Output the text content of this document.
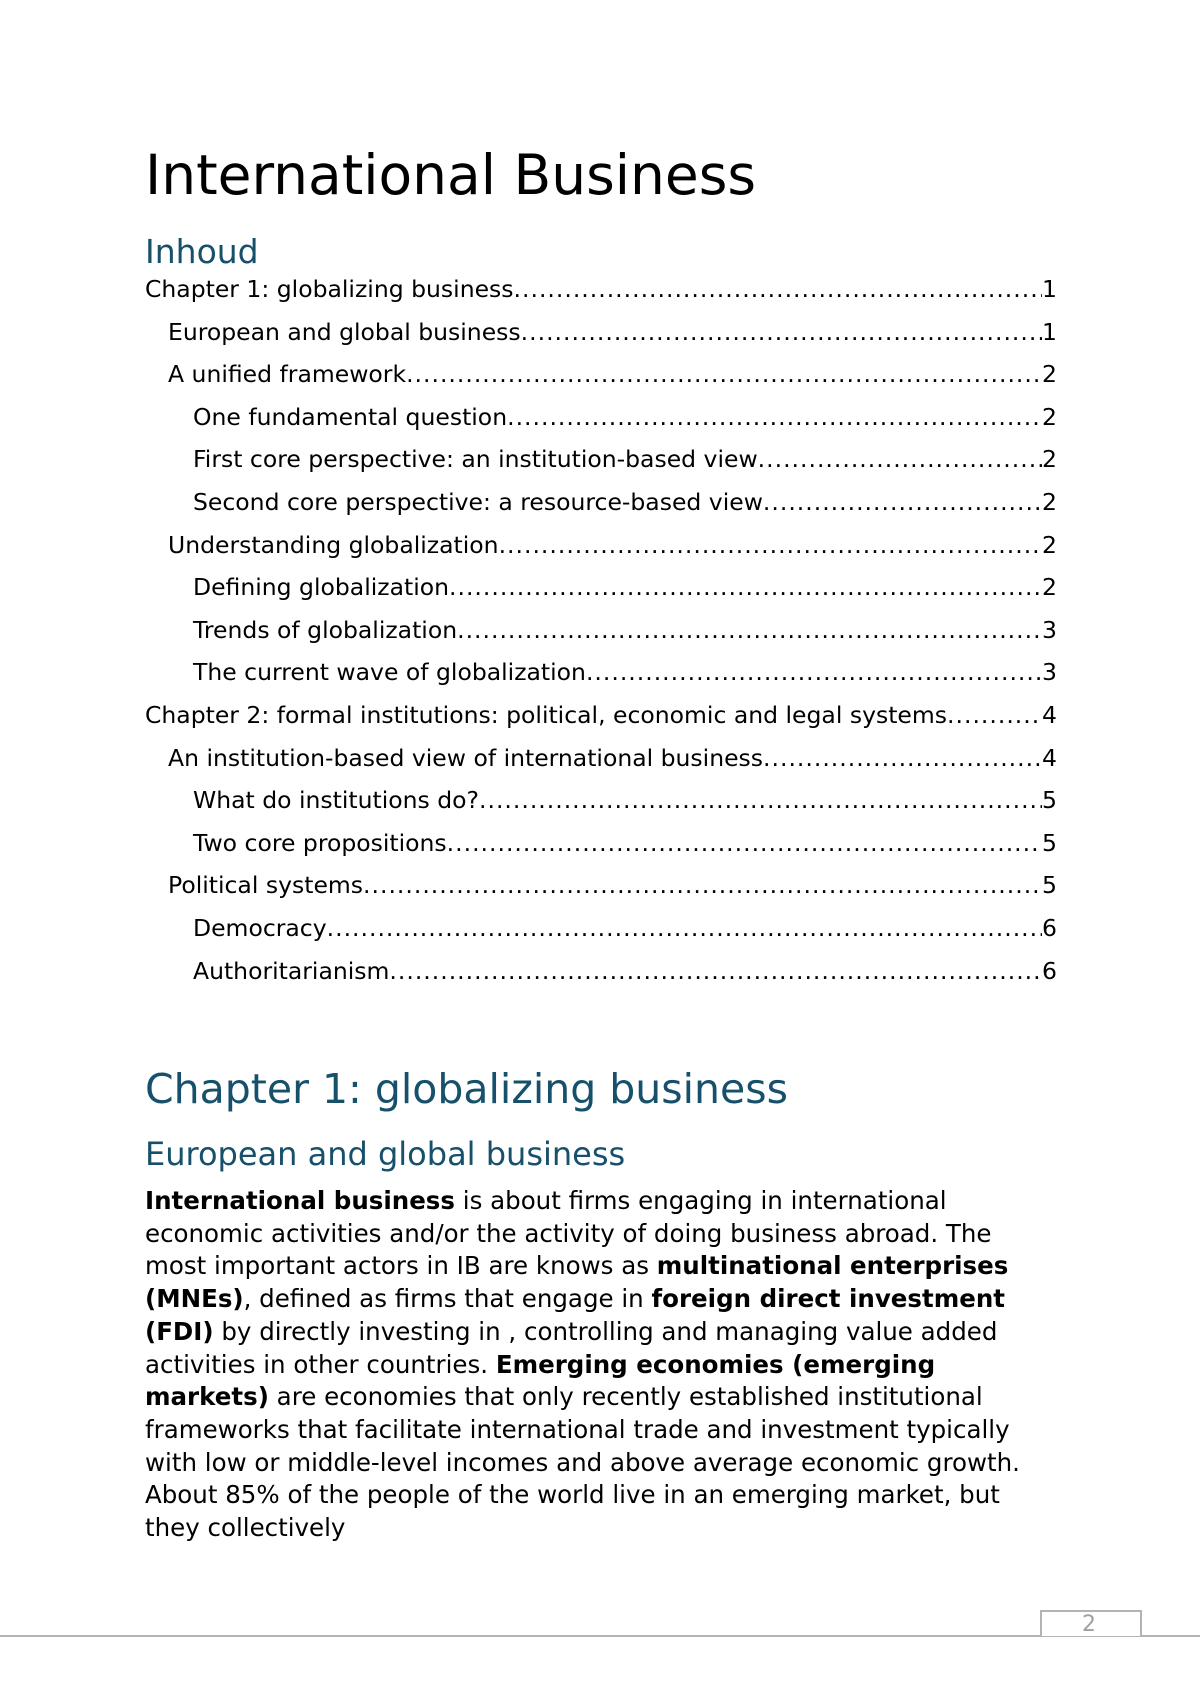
International Business
Inhoud
Chapter 1: globalizing business .....	1
European and global business .....	1
A unified framework .....	2
One fundamental question .....	2
First core perspective: an institution-based view .....	2
Second core perspective: a resource-based view .....	2
Understanding globalization .....	2
Defining globalization .....	2
Trends of globalization .....	3
The current wave of globalization .....	3
Chapter 2: formal institutions: political, economic and legal systems .....	4
An institution-based view of international business .....	4
What do institutions do? .....	5
Two core propositions .....	5
Political systems .....	5
Democracy .....	6
Authoritarianism .....	6
Chapter 1: globalizing business
European and global business

International business is about firms engaging in international economic activities and/or the activity of doing business abroad. The most important actors in IB are knows as multinational enterprises (MNEs), defined as firms that engage in foreign direct investment (FDI) by directly investing in , controlling and managing value added activities in other countries. Emerging economies (emerging markets) are economies that only recently established institutional frameworks that facilitate international trade and investment typically with low or middle-level incomes and above average economic growth. About 85% of the people of the world live in an emerging market, but they collectively

2
